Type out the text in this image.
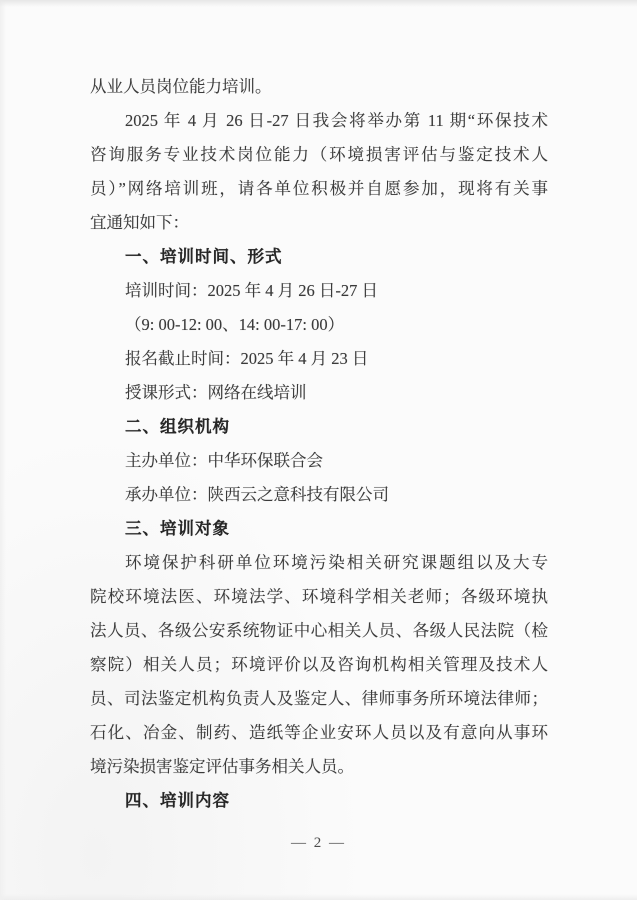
从业人员岗位能力培训。
2025 年 4 月 26 日-27 日我会将举办第 11 期“环保技术
咨询服务专业技术岗位能力（环境损害评估与鉴定技术人
员）”网络培训班，请各单位积极并自愿参加，现将有关事
宜通知如下：
一、培训时间、形式
培训时间：2025 年 4 月 26 日-27 日
（9: 00-12: 00、14: 00-17: 00）
报名截止时间：2025 年 4 月 23 日
授课形式：网络在线培训
二、组织机构
主办单位：中华环保联合会
承办单位：陕西云之意科技有限公司
三、培训对象
环境保护科研单位环境污染相关研究课题组以及大专
院校环境法医、环境法学、环境科学相关老师；各级环境执
法人员、各级公安系统物证中心相关人员、各级人民法院（检
察院）相关人员；环境评价以及咨询机构相关管理及技术人
员、司法鉴定机构负责人及鉴定人、律师事务所环境法律师；
石化、冶金、制药、造纸等企业安环人员以及有意向从事环
境污染损害鉴定评估事务相关人员。
四、培训内容
— 2 —
